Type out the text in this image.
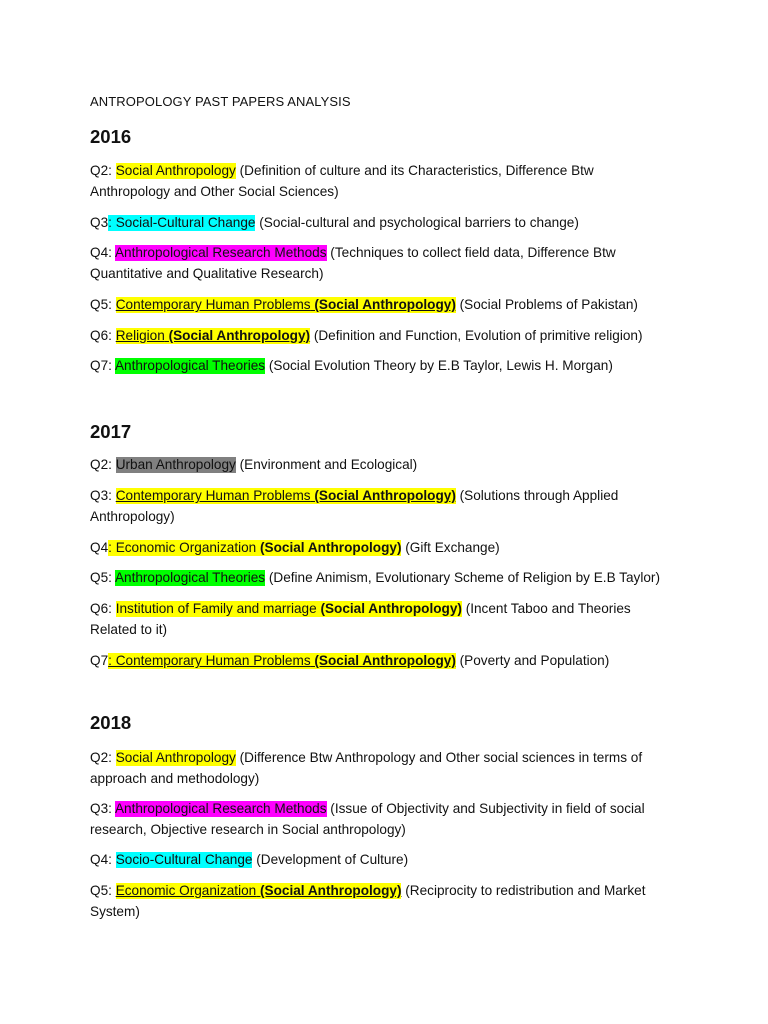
ANTROPOLOGY PAST PAPERS ANALYSIS
2016
Q2: Social Anthropology (Definition of culture and its Characteristics, Difference Btw Anthropology and Other Social Sciences)
Q3: Social-Cultural Change (Social-cultural and psychological barriers to change)
Q4: Anthropological Research Methods (Techniques to collect field data, Difference Btw Quantitative and Qualitative Research)
Q5: Contemporary Human Problems (Social Anthropology) (Social Problems of Pakistan)
Q6: Religion (Social Anthropology) (Definition and Function, Evolution of primitive religion)
Q7: Anthropological Theories (Social Evolution Theory by E.B Taylor, Lewis H. Morgan)
2017
Q2: Urban Anthropology (Environment and Ecological)
Q3: Contemporary Human Problems (Social Anthropology) (Solutions through Applied Anthropology)
Q4: Economic Organization (Social Anthropology) (Gift Exchange)
Q5: Anthropological Theories (Define Animism, Evolutionary Scheme of Religion by E.B Taylor)
Q6: Institution of Family and marriage (Social Anthropology) (Incent Taboo and Theories Related to it)
Q7: Contemporary Human Problems (Social Anthropology) (Poverty and Population)
2018
Q2: Social Anthropology (Difference Btw Anthropology and Other social sciences in terms of approach and methodology)
Q3: Anthropological Research Methods (Issue of Objectivity and Subjectivity in field of social research, Objective research in Social anthropology)
Q4: Socio-Cultural Change (Development of Culture)
Q5: Economic Organization (Social Anthropology) (Reciprocity to redistribution and Market System)
